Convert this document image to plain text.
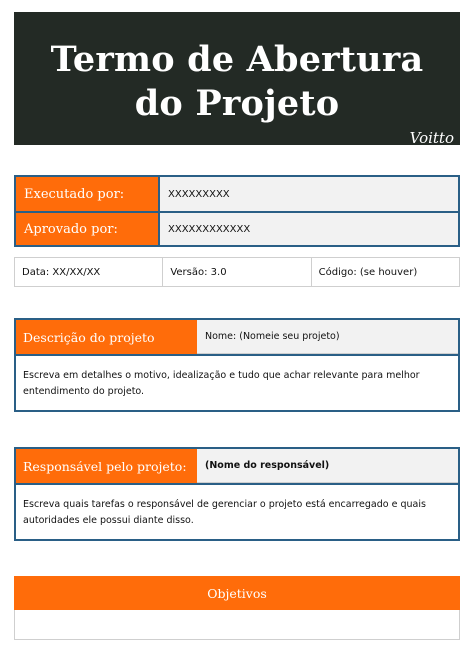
Termo de Abertura
do Projeto
Voitto
Executado por:	XXXXXXXXX
Aprovado por:	XXXXXXXXXXXX
Data: XX/XX/XX	Versão: 3.0	Código: (se houver)
Descrição do projeto	Nome: (Nomeie seu projeto)
Escreva em detalhes o motivo, idealização e tudo que achar relevante para melhor entendimento do projeto.
Responsável pelo projeto:	(Nome do responsável)
Escreva quais tarefas o responsável de gerenciar o projeto está encarregado e quais autoridades ele possui diante disso.
Objetivos
